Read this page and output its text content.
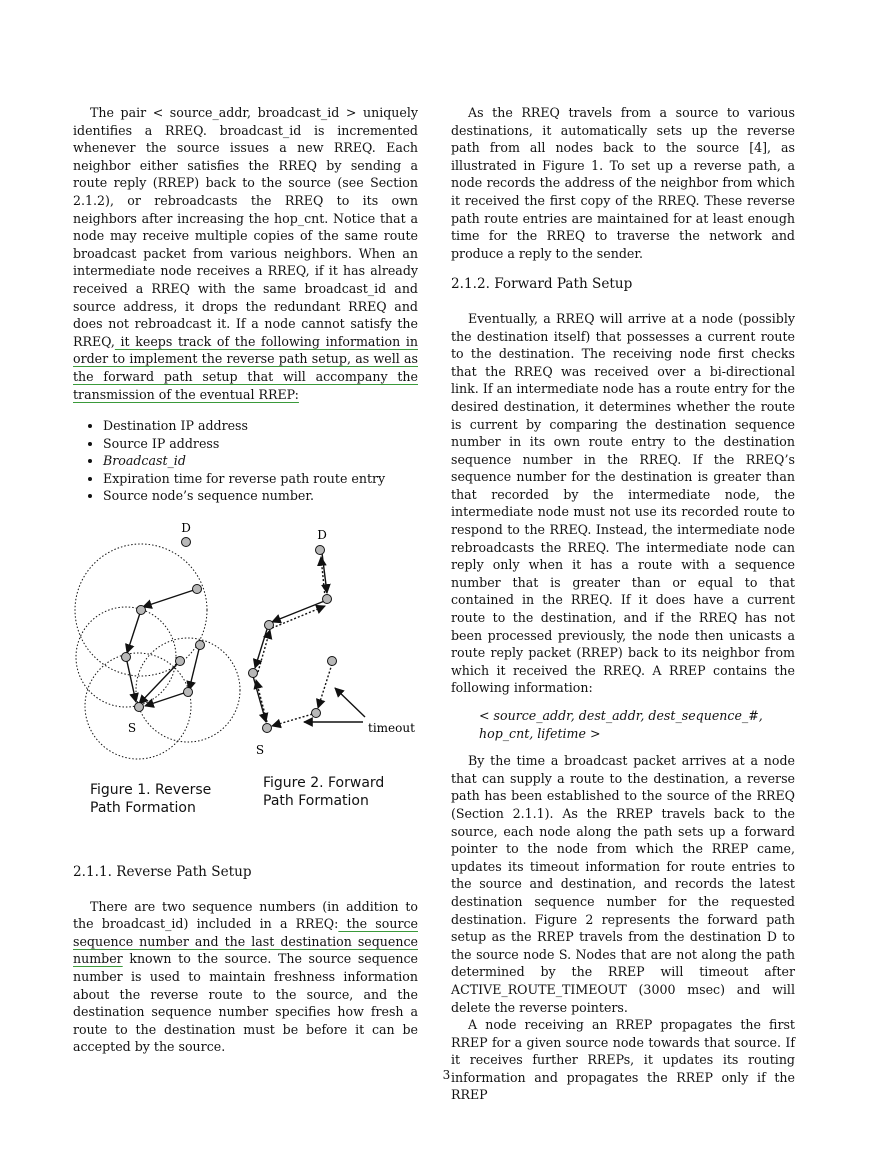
The pair < source_addr, broadcast_id > uniquely identifies a RREQ. broadcast_id is incremented whenever the source issues a new RREQ. Each neighbor either satisfies the RREQ by sending a route reply (RREP) back to the source (see Section 2.1.2), or rebroadcasts the RREQ to its own neighbors after increasing the hop_cnt. Notice that a node may receive multiple copies of the same route broadcast packet from various neighbors. When an intermediate node receives a RREQ, if it has already received a RREQ with the same broadcast_id and source address, it drops the redundant RREQ and does not rebroadcast it. If a node cannot satisfy the RREQ, it keeps track of the following information in order to implement the reverse path setup, as well as the forward path setup that will accompany the transmission of the eventual RREP:

• Destination IP address
• Source IP address
• Broadcast_id
• Expiration time for reverse path route entry
• Source node’s sequence number.
D
S
D
S
timeout
Figure 1. Reverse Path Formation
Figure 2. Forward Path Formation
2.1.1. Reverse Path Setup

There are two sequence numbers (in addition to the broadcast_id) included in a RREQ: the source sequence number and the last destination sequence number known to the source. The source sequence number is used to maintain freshness information about the reverse route to the source, and the destination sequence number specifies how fresh a route to the destination must be before it can be accepted by the source.

As the RREQ travels from a source to various destinations, it automatically sets up the reverse path from all nodes back to the source [4], as illustrated in Figure 1. To set up a reverse path, a node records the address of the neighbor from which it received the first copy of the RREQ. These reverse path route entries are maintained for at least enough time for the RREQ to traverse the network and produce a reply to the sender.

2.1.2. Forward Path Setup

Eventually, a RREQ will arrive at a node (possibly the destination itself) that possesses a current route to the destination. The receiving node first checks that the RREQ was received over a bi-directional link. If an intermediate node has a route entry for the desired destination, it determines whether the route is current by comparing the destination sequence number in its own route entry to the destination sequence number in the RREQ. If the RREQ’s sequence number for the destination is greater than that recorded by the intermediate node, the intermediate node must not use its recorded route to respond to the RREQ. Instead, the intermediate node rebroadcasts the RREQ. The intermediate node can reply only when it has a route with a sequence number that is greater than or equal to that contained in the RREQ. If it does have a current route to the destination, and if the RREQ has not been processed previously, the node then unicasts a route reply packet (RREP) back to its neighbor from which it received the RREQ. A RREP contains the following information:

< source_addr, dest_addr, dest_sequence_#, hop_cnt, lifetime >

By the time a broadcast packet arrives at a node that can supply a route to the destination, a reverse path has been established to the source of the RREQ (Section 2.1.1). As the RREP travels back to the source, each node along the path sets up a forward pointer to the node from which the RREP came, updates its timeout information for route entries to the source and destination, and records the latest destination sequence number for the requested destination. Figure 2 represents the forward path setup as the RREP travels from the destination D to the source node S. Nodes that are not along the path determined by the RREP will timeout after ACTIVE_ROUTE_TIMEOUT (3000 msec) and will delete the reverse pointers.

A node receiving an RREP propagates the first RREP for a given source node towards that source. If it receives further RREPs, it updates its routing information and propagates the RREP only if the RREP

3
